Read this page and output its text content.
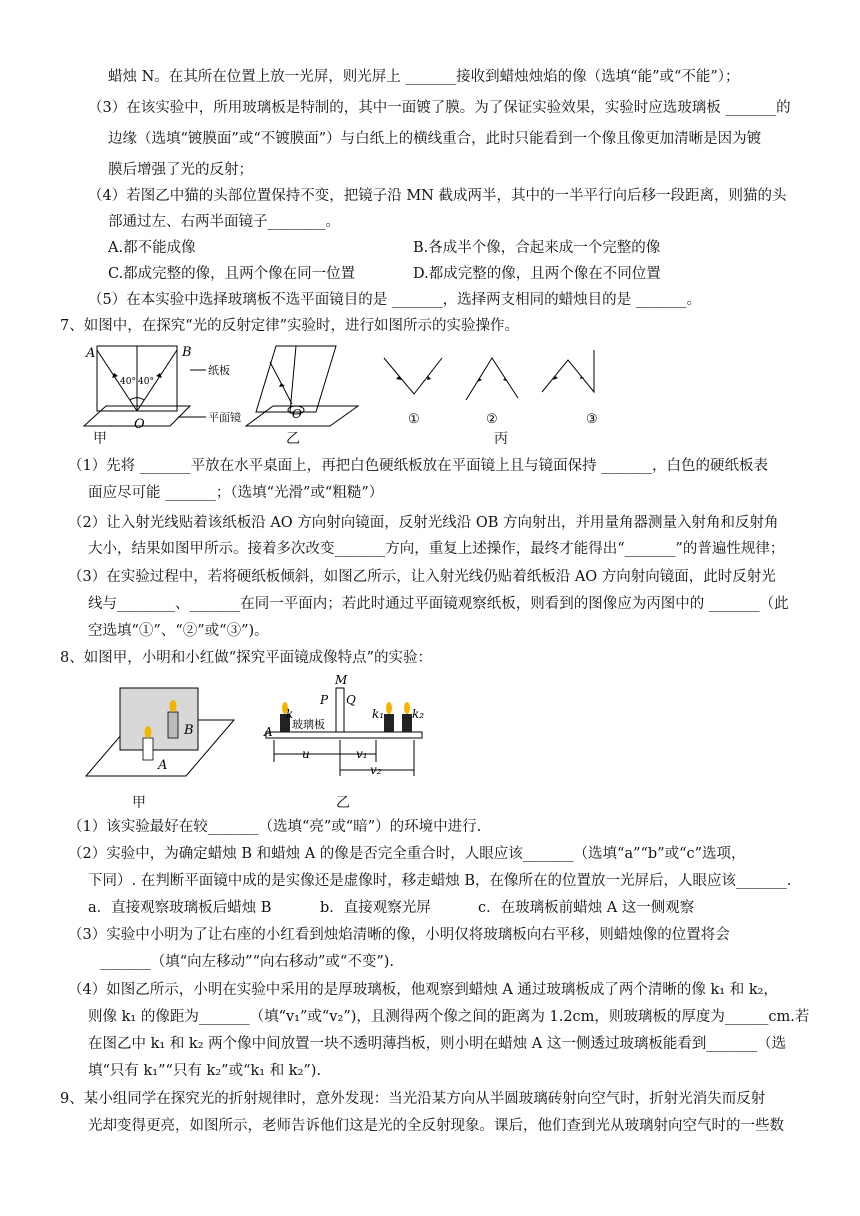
蜡烛 N。在其所在位置上放一光屏，则光屏上 _______接收到蜡烛烛焰的像（选填“能”或“不能”）；
（3）在该实验中，所用玻璃板是特制的，其中一面镀了膜。为了保证实验效果，实验时应选玻璃板 _______的
边缘（选填“镀膜面”或“不镀膜面”）与白纸上的横线重合，此时只能看到一个像且像更加清晰是因为镀
膜后增强了光的反射；
（4）若图乙中猫的头部位置保持不变，把镜子沿 MN 截成两半，其中的一半平行向后移一段距离，则猫的头
部通过左、右两半面镜子________。
A.都不能成像	B.各成半个像，合起来成一个完整的像
C.都成完整的像，且两个像在同一位置	D.都成完整的像，且两个像在不同位置
（5）在本实验中选择玻璃板不选平面镜目的是 _______，选择两支相同的蜡烛目的是 _______。
7、如图中，在探究“光的反射定律”实验时，进行如图所示的实验操作。
A	B
O
40° 40°
纸板
平面镜	O	①	②	③
甲	乙	丙
（1）先将 _______平放在水平桌面上，再把白色硬纸板放在平面镜上且与镜面保持 _______，白色的硬纸板表
面应尽可能 _______；（选填“光滑”或“粗糙”）
（2）让入射光线贴着该纸板沿 AO 方向射向镜面，反射光线沿 OB 方向射出，并用量角器测量入射角和反射角
大小，结果如图甲所示。接着多次改变_______方向，重复上述操作，最终才能得出“_______”的普遍性规律；
（3）在实验过程中，若将硬纸板倾斜，如图乙所示，让入射光线仍贴着纸板沿 AO 方向射向镜面，此时反射光
线与________、_______在同一平面内；若此时通过平面镜观察纸板，则看到的图像应为丙图中的 _______（此
空选填“①”、“②”或“③”)。
8、如图甲，小明和小红做“探究平面镜成像特点”的实验：
B
A
M
P Q
k	k₁ k₂
A
玻璃板
u	v₁
v₂
甲	乙
（1）该实验最好在较_______（选填“亮”或“暗”）的环境中进行.
（2）实验中，为确定蜡烛 B 和蜡烛 A 的像是否完全重合时，人眼应该_______（选填“a”“b”或“c”选项，
下同）. 在判断平面镜中成的是实像还是虚像时，移走蜡烛 B，在像所在的位置放一光屏后，人眼应该_______.
a．直接观察玻璃板后蜡烛 B	b．直接观察光屏	c．在玻璃板前蜡烛 A 这一侧观察
（3）实验中小明为了让右座的小红看到烛焰清晰的像，小明仅将玻璃板向右平移，则蜡烛像的位置将会
_______（填“向左移动”“向右移动”或“不变”).
（4）如图乙所示，小明在实验中采用的是厚玻璃板，他观察到蜡烛 A 通过玻璃板成了两个清晰的像 k₁ 和 k₂，
则像 k₁ 的像距为_______（填“v₁”或“v₂”)，且测得两个像之间的距离为 1.2cm，则玻璃板的厚度为______cm.若
在图乙中 k₁ 和 k₂ 两个像中间放置一块不透明薄挡板，则小明在蜡烛 A 这一侧透过玻璃板能看到_______（选
填“只有 k₁”“只有 k₂”或“k₁ 和 k₂”).
9、某小组同学在探究光的折射规律时，意外发现：当光沿某方向从半圆玻璃砖射向空气时，折射光消失而反射
光却变得更亮，如图所示，老师告诉他们这是光的全反射现象。课后，他们查到光从玻璃射向空气时的一些数
